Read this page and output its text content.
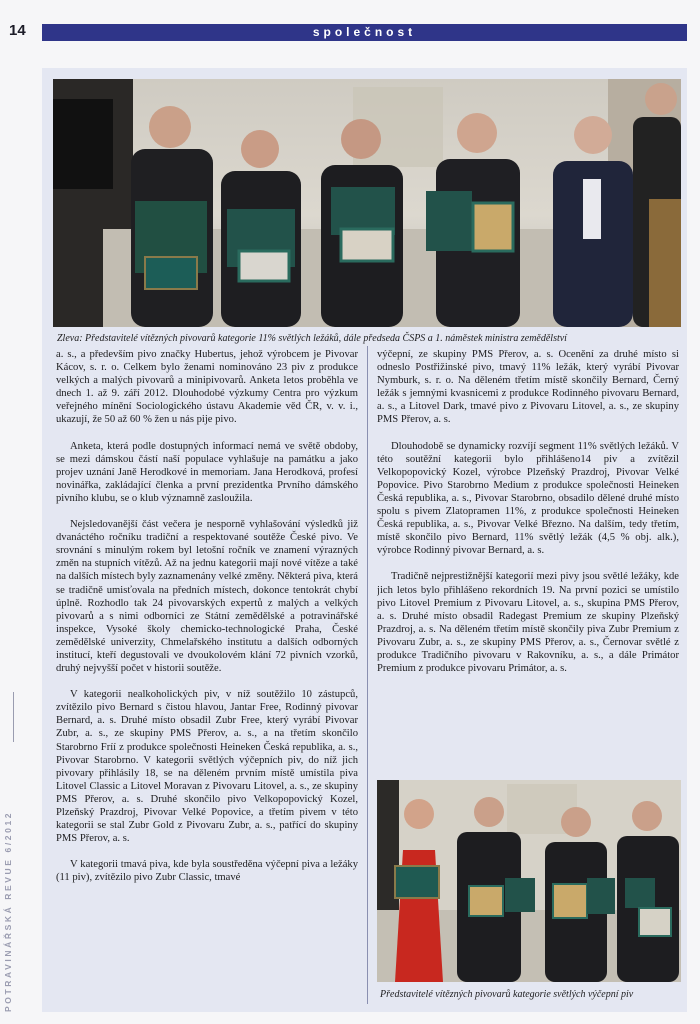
14	společnost
Zleva: Představitelé vítězných pivovarů kategorie 11% světlých ležáků, dále předseda ČSPS a 1. náměstek ministra zemědělství

a. s., a především pivo značky Hubertus, jehož výrobcem je Pivovar Kácov, s. r. o. Celkem bylo ženami nominováno 23 piv z produkce velkých a malých pivovarů a minipivovarů. Anketa letos proběhla ve dnech 1. až 9. září 2012. Dlouhodobé výzkumy Centra pro výzkum veřejného mínění Sociologického ústavu Akademie věd ČR, v. v. i., ukazují, že 50 až 60 % žen u nás pije pivo.

Anketa, která podle dostupných informací nemá ve světě obdoby, se mezi dámskou částí naší populace vyhlašuje na památku a jako projev uznání Janě Herodkové in memoriam. Jana Herodková, profesí novinářka, zakládající členka a první prezidentka Prvního dámského pivního klubu, se o klub významně zasloužila.

Nejsledovanější část večera je nesporně vyhlašování výsledků již dvanáctého ročníku tradiční a respektované soutěže České pivo. Ve srovnání s minulým rokem byl letošní ročník ve znamení výrazných změn na stupních vítězů. Až na jednu kategorii mají nové vítěze a také na dalších místech byly zaznamenány velké změny. Některá piva, která se tradičně umisťovala na předních místech, dokonce tentokrát chybí úplně. Rozhodlo tak 24 pivovarských expertů z malých a velkých pivovarů a s nimi odborníci ze Státní zemědělské a potravinářské inspekce, Vysoké školy chemicko-technologické Praha, České zemědělské univerzity, Chmelařského institutu a dalších odborných institucí, kteří degustovali ve dvoukolovém klání 72 pivních vzorků, druhý nejvyšší počet v historii soutěže.

V kategorii nealkoholických piv, v níž soutěžilo 10 zástupců, zvítězilo pivo Bernard s čistou hlavou, Jantar Free, Rodinný pivovar Bernard, a. s. Druhé místo obsadil Zubr Free, který vyrábí Pivovar Zubr, a. s., ze skupiny PMS Přerov, a. s., a na třetím skončilo Starobrno Fríí z produkce společnosti Heineken Česká republika, a. s., Pivovar Starobrno. V kategorii světlých výčepních piv, do níž jich pivovary přihlásily 18, se na děleném prvním místě umístila piva Litovel Classic a Litovel Moravan z Pivovaru Litovel, a. s., ze skupiny PMS Přerov, a. s. Druhé skončilo pivo Velkopopovický Kozel, Plzeňský Prazdroj, Pivovar Velké Popovice, a třetím pivem v této kategorii se stal Zubr Gold z Pivovaru Zubr, a. s., patřící do skupiny PMS Přerov, a. s.

V kategorii tmavá piva, kde byla soustředěna výčepní piva a ležáky (11 piv), zvítězilo pivo Zubr Classic, tmavé

výčepní, ze skupiny PMS Přerov, a. s. Ocenění za druhé místo si odneslo Postřižinské pivo, tmavý 11% ležák, který vyrábí Pivovar Nymburk, s. r. o. Na děleném třetím místě skončily Bernard, Černý ležák s jemnými kvasnicemi z produkce Rodinného pivovaru Bernard, a. s., a Litovel Dark, tmavé pivo z Pivovaru Litovel, a. s., ze skupiny PMS Přerov, a. s.

Dlouhodobě se dynamicky rozvíjí segment 11% světlých ležáků. V této soutěžní kategorii bylo přihlášeno14 piv a zvítězil Velkopopovický Kozel, výrobce Plzeňský Prazdroj, Pivovar Velké Popovice. Pivo Starobrno Medium z produkce společnosti Heineken Česká republika, a. s., Pivovar Starobrno, obsadilo dělené druhé místo spolu s pivem Zlatopramen 11%, z produkce společnosti Heineken Česká republika, a. s., Pivovar Velké Březno. Na dalším, tedy třetím, místě skončilo pivo Bernard, 11% světlý ležák (4,5 % obj. alk.), výrobce Rodinný pivovar Bernard, a. s.

Tradičně nejprestižnější kategorií mezi pivy jsou světlé ležáky, kde jich letos bylo přihlášeno rekordních 19. Na první pozici se umístilo pivo Litovel Premium z Pivovaru Litovel, a. s., skupina PMS Přerov, a. s. Druhé místo obsadil Radegast Premium ze skupiny Plzeňský Prazdroj, a. s. Na děleném třetím místě skončily piva Zubr Premium z Pivovaru Zubr, a. s., ze skupiny PMS Přerov, a. s., Černovar světlé z produkce Tradičního pivovaru v Rakovníku, a. s., a dále Primátor Premium z produkce pivovaru Primátor, a. s.

Představitelé vítězných pivovarů kategorie světlých výčepní piv
POTRAVINÁŘSKÁ REVUE 6/2012
